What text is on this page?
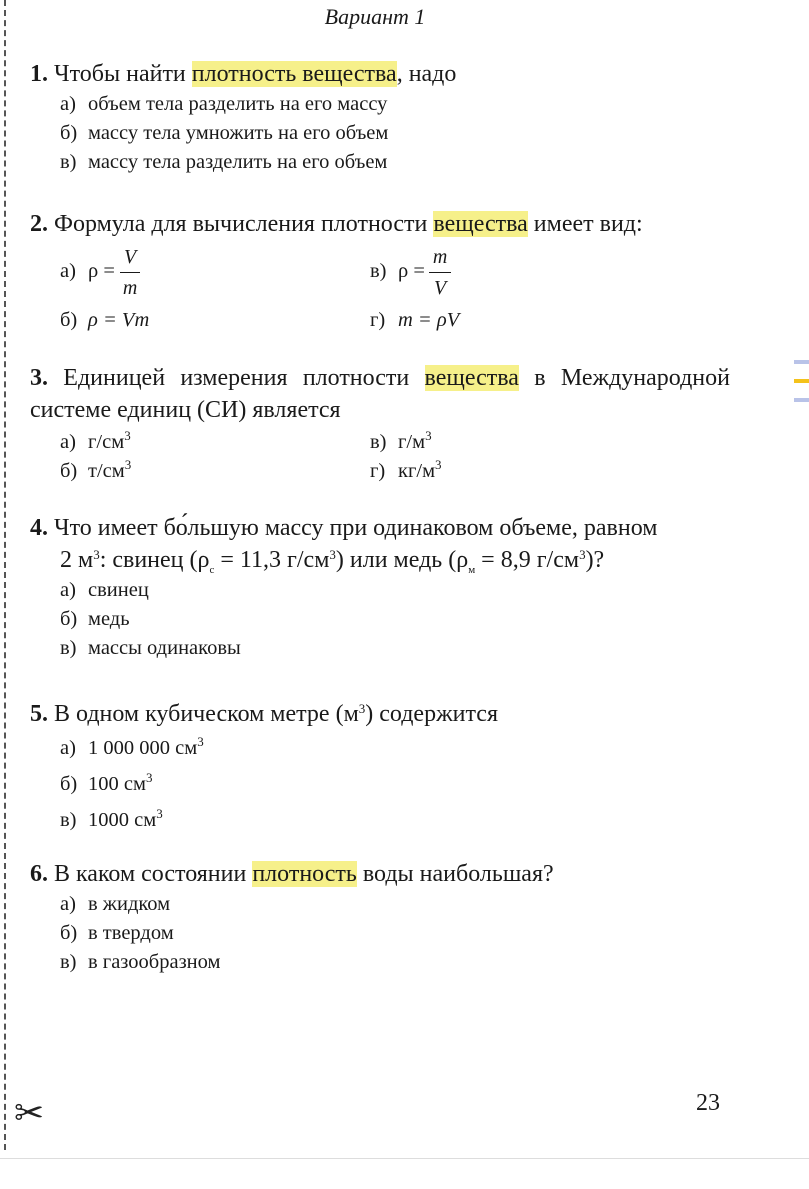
✂
Вариант 1
1. Чтобы найти плотность вещества, надо
а) объем тела разделить на его массу
б) массу тела умножить на его объем
в) массу тела разделить на его объем
2. Формула для вычисления плотности вещества имеет вид:
а) $\rho = \frac{V}{m}$	в) $\rho = \frac{m}{V}$
б) ρ = Vm	г) m = ρV
3. Единицей измерения плотности вещества в Международной системе единиц (СИ) является
а) $г/см^3$	в) $г/м^3$
б) $т/см^3$	г) $кг/м^3$
4. Что имеет бо́льшую массу при одинаковом объеме, равном
2 $м^3$: свинец ($\rho_с = 11,3$ $г/см^3$) или медь ($\rho_м = 8,9$ $г/см^3$)?
а) свинец
б) медь
в) массы одинаковы
5. В одном кубическом метре $(м^3)$ содержится
а) 1 000 000 $см^3$
б) 100 $см^3$
в) 1000 $см^3$
6. В каком состоянии плотность воды наибольшая?
а) в жидком
б) в твердом
в) в газообразном
23
